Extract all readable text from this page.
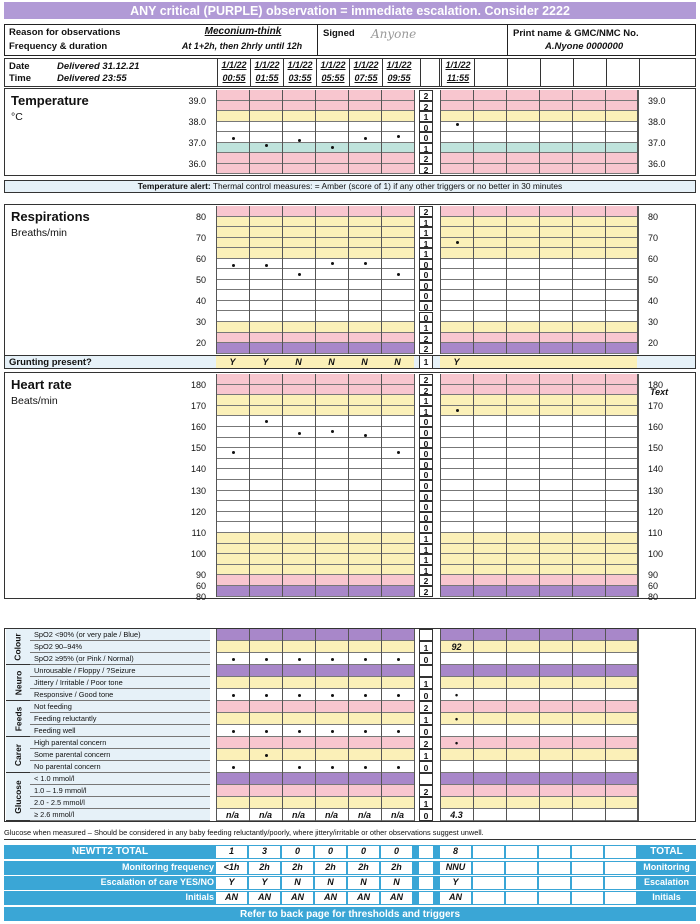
ANY critical (PURPLE) observation = immediate escalation. Consider 2222
Reason for observations
Frequency & duration
Meconium-think
At 1+2h, then 2hrly until 12h
Signed Anyone	Print name & GMC/NMC No.
A.Nyone 0000000
Date
Time
Delivered 31.12.21
Delivered 23:55
1/1/22
00:55
1/1/22
01:55
1/1/22
03:55
1/1/22
05:55
1/1/22
07:55
1/1/22
09:55
1/1/22
11:55
Glucose when measured – Should be considered in any baby feeding reluctantly/poorly, where jittery/irritable or other observations suggest unwell.
Refer to back page for thresholds and triggers
Temperature
°C
2
2
1
0
0
1
2
2
39.0	39.0
38.0	38.0
37.0	37.0
36.0	36.0
Temperature alert: Thermal control measures: = Amber (score of 1) if any other triggers or no better in 30 minutes
Respirations
Breaths/min
2
1
1
1
1
0
0
0
0
0
0
1
2
2
80	80
70	70
60	60
50	50
40	40
30	30
20	20
Grunting present?	Y	Y	N	N	N	N	Y
1
Heart rate
Beats/min
2
2
1
1
0
0
0
0
0
0
0
0
0
0
0
1
1
1
1
2
2
180	180
170	170
160	160
150	150
140	140
130	130
120	120
110	110
100	100
90	90
80	80
60	60
Text
SpO2 <90% (or very pale / Blue)
SpO2 90–94%	1	92
SpO2 ≥95% (or Pink / Normal)	0
Unrousable / Floppy / ?Seizure
Jittery / Irritable / Poor tone	1
Responsive / Good tone	0	•
Not feeding	2
Feeding reluctantly	1	•
Feeding well	0
High parental concern	2	•
Some parental concern	1
No parental concern	0
< 1.0 mmol/l
1.0 – 1.9 mmol/l	2
2.0 - 2.5 mmol/l	1
≥ 2.6 mmol/l	0
n/a	n/a	n/a	n/a	n/a	n/a	4.3
Colour
Neuro
Feeds
Carer
Glucose
NEWTT2 TOTAL	1	3	0	0	0	0	8	TOTAL
Monitoring frequency	<1h	2h	2h	2h	2h	2h	NNU	Monitoring
Escalation of care YES/NO	Y	Y	N	N	N	N	Y	Escalation
Initials	AN	AN	AN	AN	AN	AN	AN	Initials
